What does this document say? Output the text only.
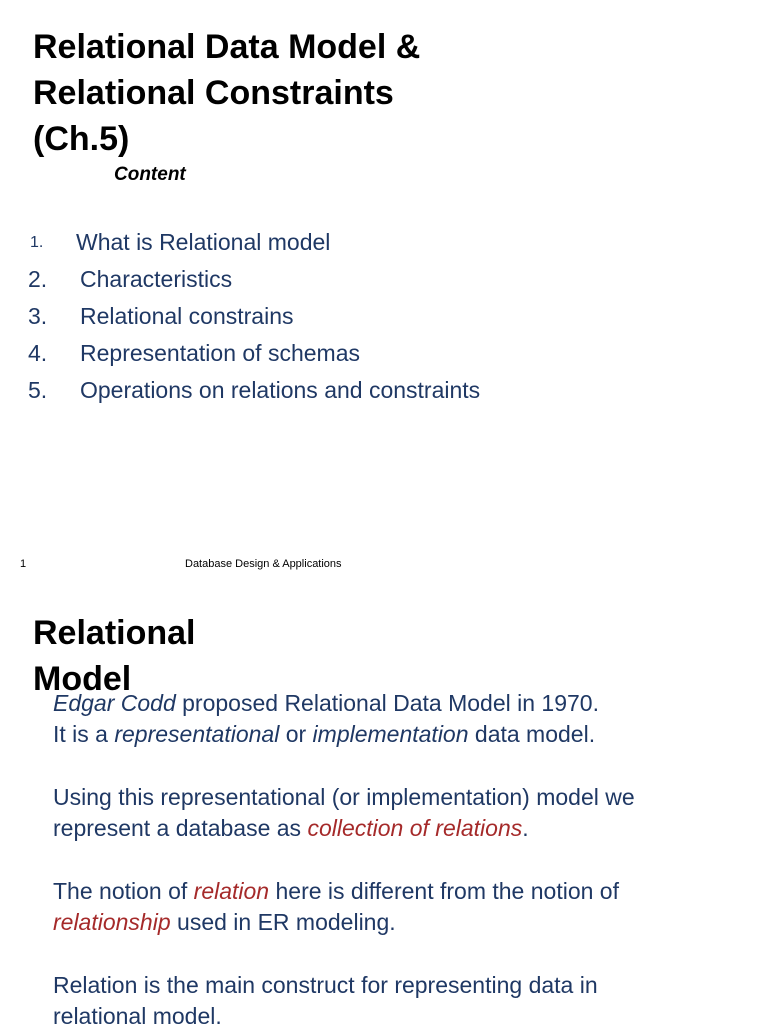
Relational Data Model &
Relational Constraints
(Ch.5)
Content
1. What is Relational model
2. Characteristics
3. Relational constrains
4. Representation of schemas
5. Operations on relations and constraints
1	Database Design & Applications
Relational
Model

Edgar Codd proposed Relational Data Model in 1970.
It is a representational or implementation data model.

Using this representational (or implementation) model we
represent a database as collection of relations.

The notion of relation here is different from the notion of
relationship used in ER modeling.

Relation is the main construct for representing data in
relational model.
